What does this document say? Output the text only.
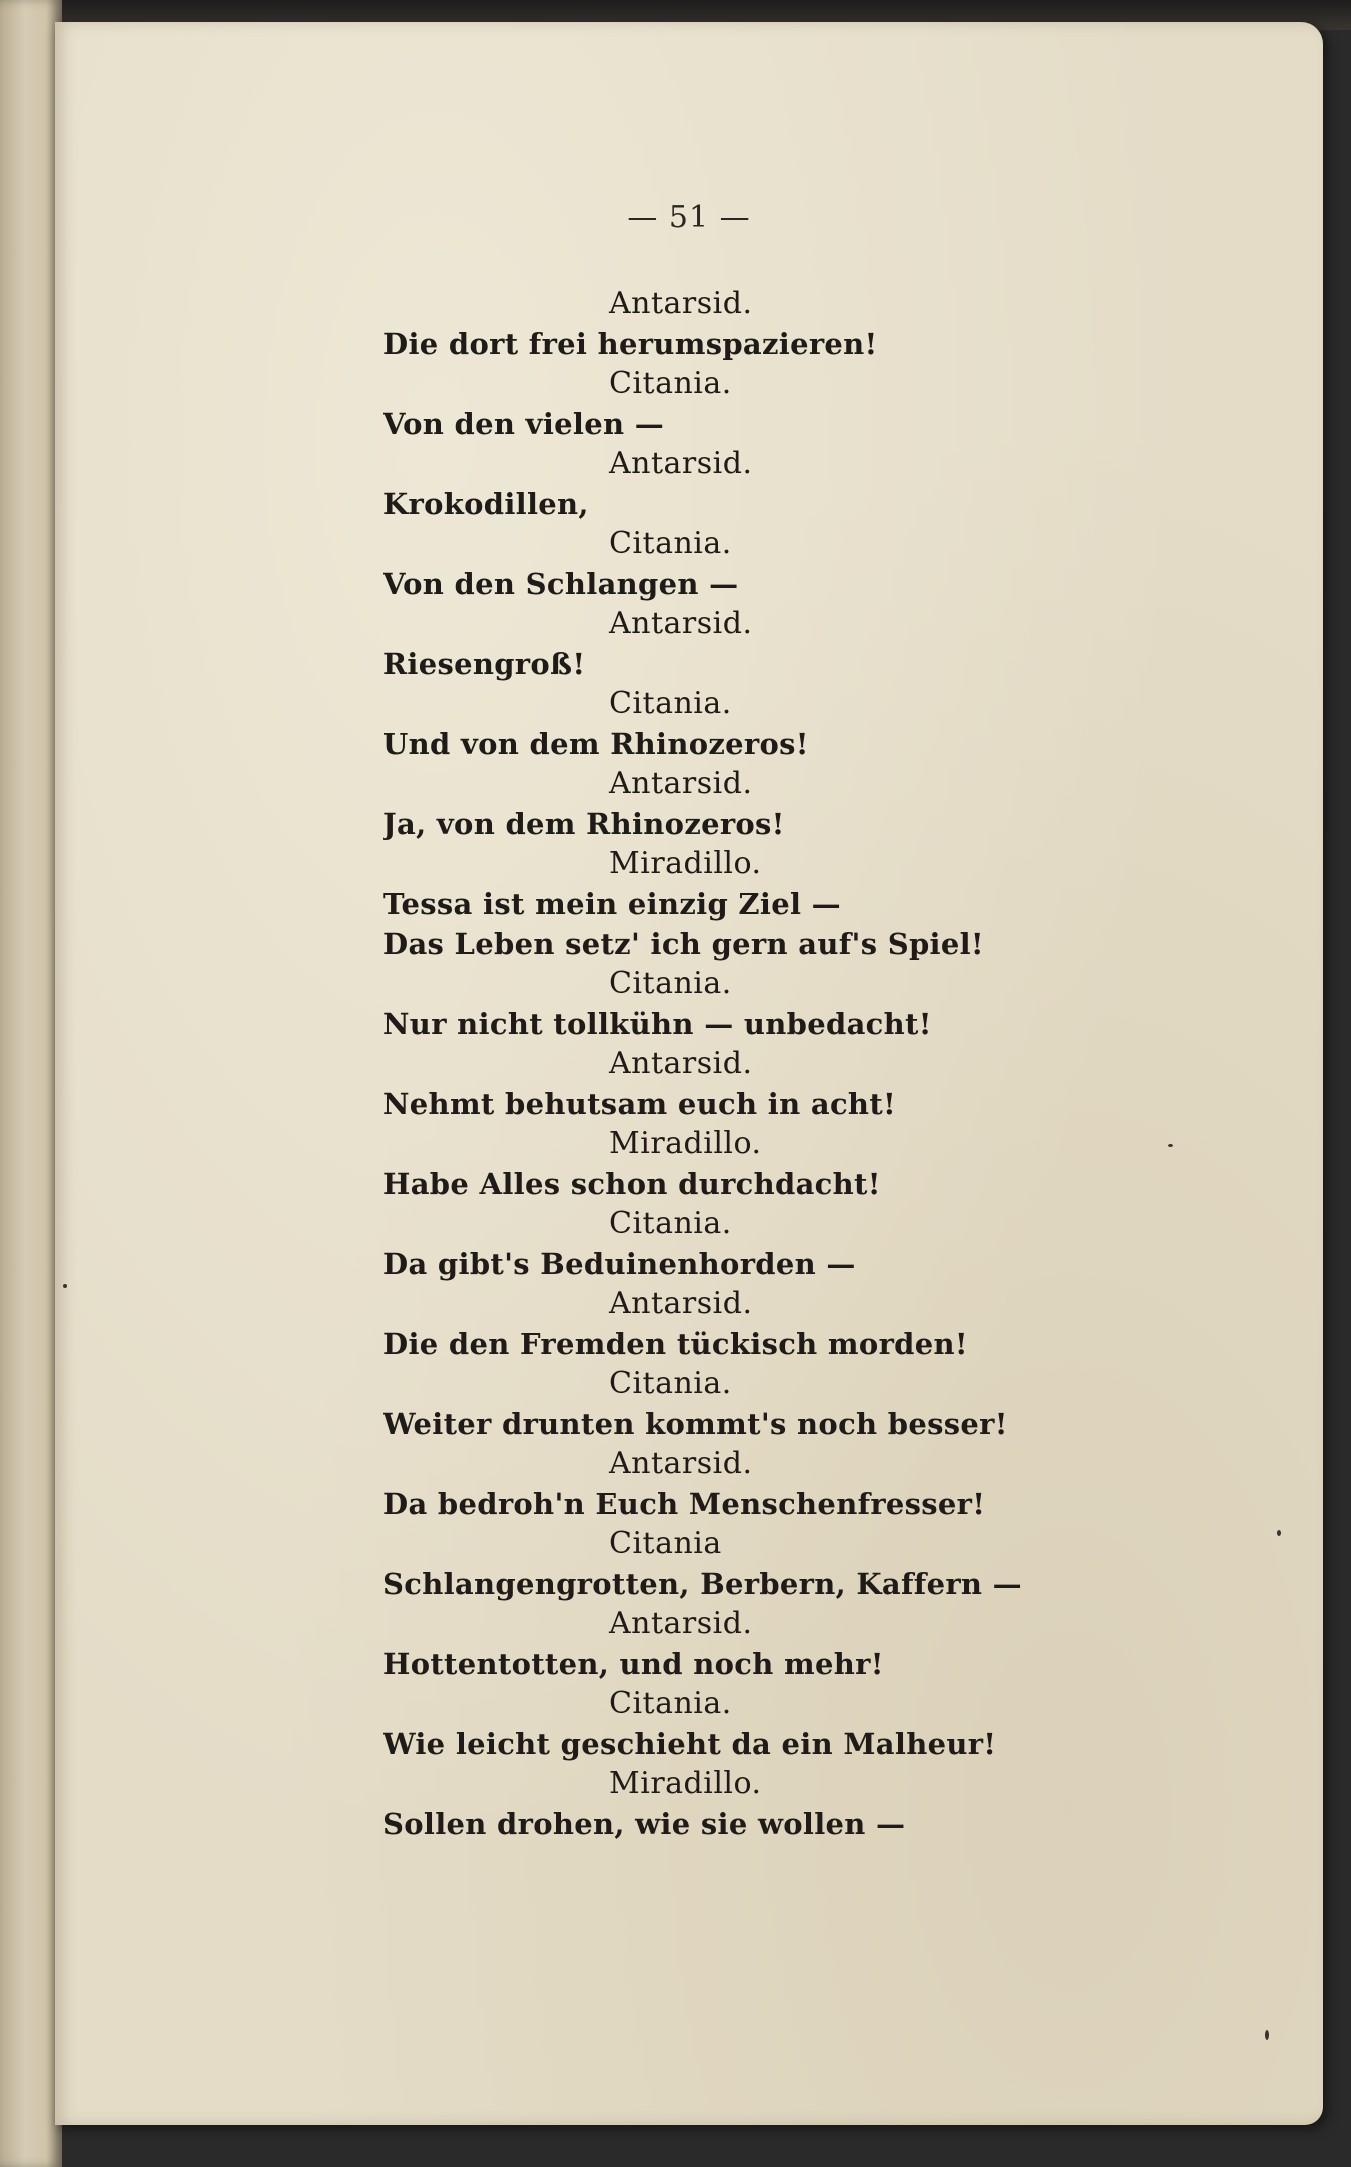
— 51 —
Antarsid.
Die dort frei herumspazieren!
Citania.
Von den vielen —
Antarsid.
Krokodillen,
Citania.
Von den Schlangen —
Antarsid.
Riesengroß!
Citania.
Und von dem Rhinozeros!
Antarsid.
Ja, von dem Rhinozeros!
Miradillo.
Tessa ist mein einzig Ziel —
Das Leben setz' ich gern auf's Spiel!
Citania.
Nur nicht tollkühn — unbedacht!
Antarsid.
Nehmt behutsam euch in acht!
Miradillo.
Habe Alles schon durchdacht!
Citania.
Da gibt's Beduinenhorden —
Antarsid.
Die den Fremden tückisch morden!
Citania.
Weiter drunten kommt's noch besser!
Antarsid.
Da bedroh'n Euch Menschenfresser!
Citania
Schlangengrotten, Berbern, Kaffern —
Antarsid.
Hottentotten, und noch mehr!
Citania.
Wie leicht geschieht da ein Malheur!
Miradillo.
Sollen drohen, wie sie wollen —
